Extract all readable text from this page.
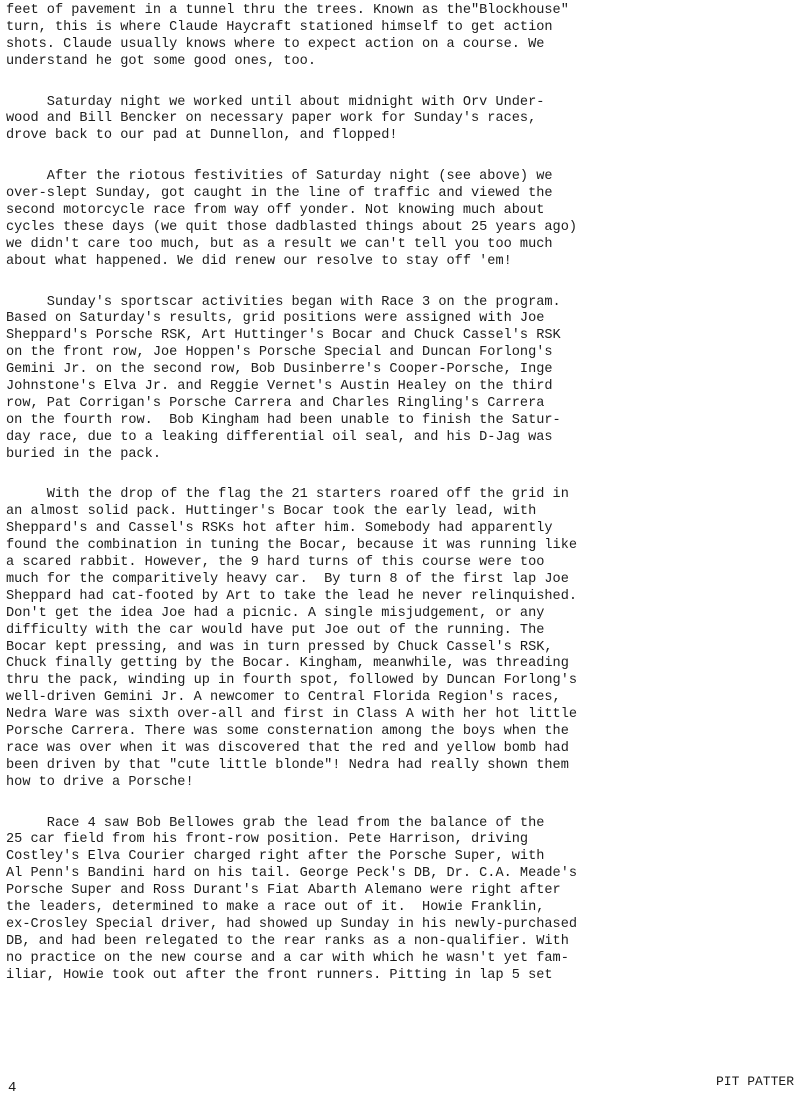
feet of pavement in a tunnel thru the trees. Known as the"Blockhouse"
turn, this is where Claude Haycraft stationed himself to get action
shots. Claude usually knows where to expect action on a course. We
understand he got some good ones, too.
Saturday night we worked until about midnight with Orv Under-
wood and Bill Bencker on necessary paper work for Sunday's races,
drove back to our pad at Dunnellon, and flopped!
After the riotous festivities of Saturday night (see above) we
over-slept Sunday, got caught in the line of traffic and viewed the
second motorcycle race from way off yonder. Not knowing much about
cycles these days (we quit those dadblasted things about 25 years ago)
we didn't care too much, but as a result we can't tell you too much
about what happened. We did renew our resolve to stay off 'em!
Sunday's sportscar activities began with Race 3 on the program.
Based on Saturday's results, grid positions were assigned with Joe
Sheppard's Porsche RSK, Art Huttinger's Bocar and Chuck Cassel's RSK
on the front row, Joe Hoppen's Porsche Special and Duncan Forlong's
Gemini Jr. on the second row, Bob Dusinberre's Cooper-Porsche, Inge
Johnstone's Elva Jr. and Reggie Vernet's Austin Healey on the third
row, Pat Corrigan's Porsche Carrera and Charles Ringling's Carrera
on the fourth row.  Bob Kingham had been unable to finish the Satur-
day race, due to a leaking differential oil seal, and his D-Jag was
buried in the pack.
With the drop of the flag the 21 starters roared off the grid in
an almost solid pack. Huttinger's Bocar took the early lead, with
Sheppard's and Cassel's RSKs hot after him. Somebody had apparently
found the combination in tuning the Bocar, because it was running like
a scared rabbit. However, the 9 hard turns of this course were too
much for the comparitively heavy car.  By turn 8 of the first lap Joe
Sheppard had cat-footed by Art to take the lead he never relinquished.
Don't get the idea Joe had a picnic. A single misjudgement, or any
difficulty with the car would have put Joe out of the running. The
Bocar kept pressing, and was in turn pressed by Chuck Cassel's RSK,
Chuck finally getting by the Bocar. Kingham, meanwhile, was threading
thru the pack, winding up in fourth spot, followed by Duncan Forlong's
well-driven Gemini Jr. A newcomer to Central Florida Region's races,
Nedra Ware was sixth over-all and first in Class A with her hot little
Porsche Carrera. There was some consternation among the boys when the
race was over when it was discovered that the red and yellow bomb had
been driven by that "cute little blonde"! Nedra had really shown them
how to drive a Porsche!
Race 4 saw Bob Bellowes grab the lead from the balance of the
25 car field from his front-row position. Pete Harrison, driving
Costley's Elva Courier charged right after the Porsche Super, with
Al Penn's Bandini hard on his tail. George Peck's DB, Dr. C.A. Meade's
Porsche Super and Ross Durant's Fiat Abarth Alemano were right after
the leaders, determined to make a race out of it.  Howie Franklin,
ex-Crosley Special driver, had showed up Sunday in his newly-purchased
DB, and had been relegated to the rear ranks as a non-qualifier. With
no practice on the new course and a car with which he wasn't yet fam-
iliar, Howie took out after the front runners. Pitting in lap 5 set
4	PIT PATTER
